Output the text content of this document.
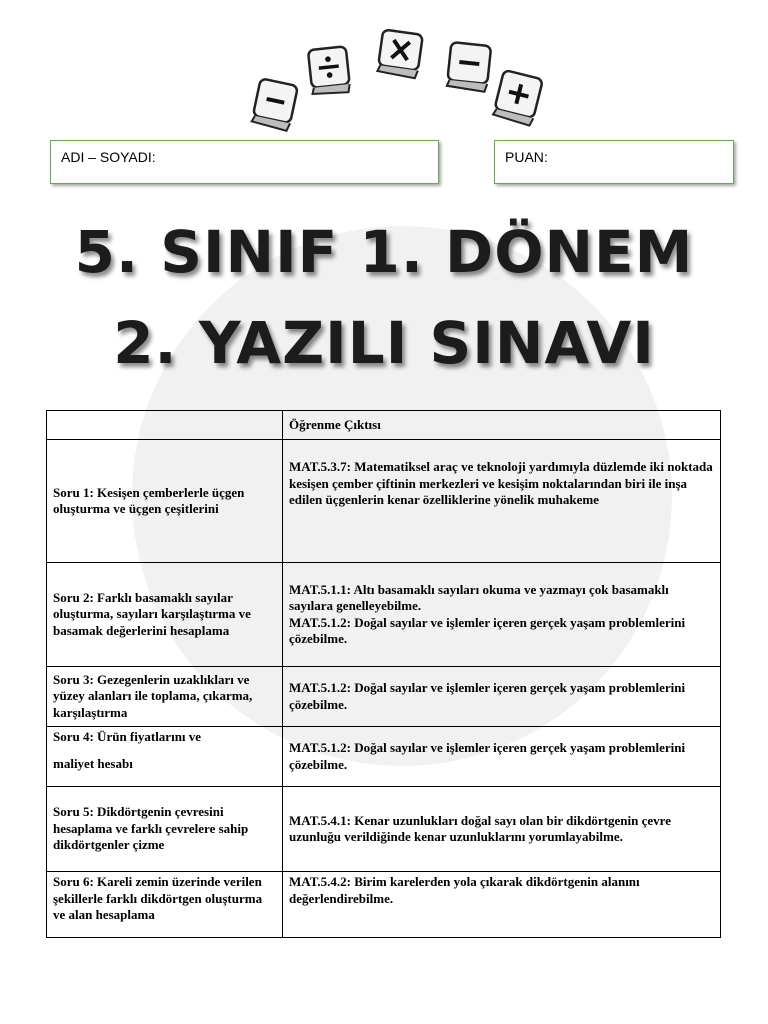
ADI – SOYADI:	PUAN:
5. SINIF 1. DÖNEM
2. YAZILI SINAVI
	Öğrenme Çıktısı
Soru 1: Kesişen çemberlerle üçgen oluşturma ve üçgen çeşitlerini	MAT.5.3.7: Matematiksel araç ve teknoloji yardımıyla düzlemde iki noktada kesişen çember çiftinin merkezleri ve kesişim noktalarından biri ile inşa edilen üçgenlerin kenar özelliklerine yönelik muhakeme

Soru 2: Farklı basamaklı sayılar oluşturma, sayıları karşılaştırma ve basamak değerlerini hesaplama	MAT.5.1.1: Altı basamaklı sayıları okuma ve yazmayı çok basamaklı sayılara genelleyebilme.
MAT.5.1.2: Doğal sayılar ve işlemler içeren gerçek yaşam problemlerini çözebilme.

Soru 3: Gezegenlerin uzaklıkları ve yüzey alanları ile toplama, çıkarma, karşılaştırma	MAT.5.1.2: Doğal sayılar ve işlemler içeren gerçek yaşam problemlerini çözebilme.

Soru 4: Ürün fiyatlarını ve
maliyet hesabı	MAT.5.1.2: Doğal sayılar ve işlemler içeren gerçek yaşam problemlerini çözebilme.

Soru 5: Dikdörtgenin çevresini hesaplama ve farklı çevrelere sahip dikdörtgenler çizme	MAT.5.4.1: Kenar uzunlukları doğal sayı olan bir dikdörtgenin çevre uzunluğu verildiğinde kenar uzunluklarını yorumlayabilme.

Soru 6: Kareli zemin üzerinde verilen şekillerle farklı dikdörtgen oluşturma ve alan hesaplama	MAT.5.4.2: Birim karelerden yola çıkarak dikdörtgenin alanını değerlendirebilme.
